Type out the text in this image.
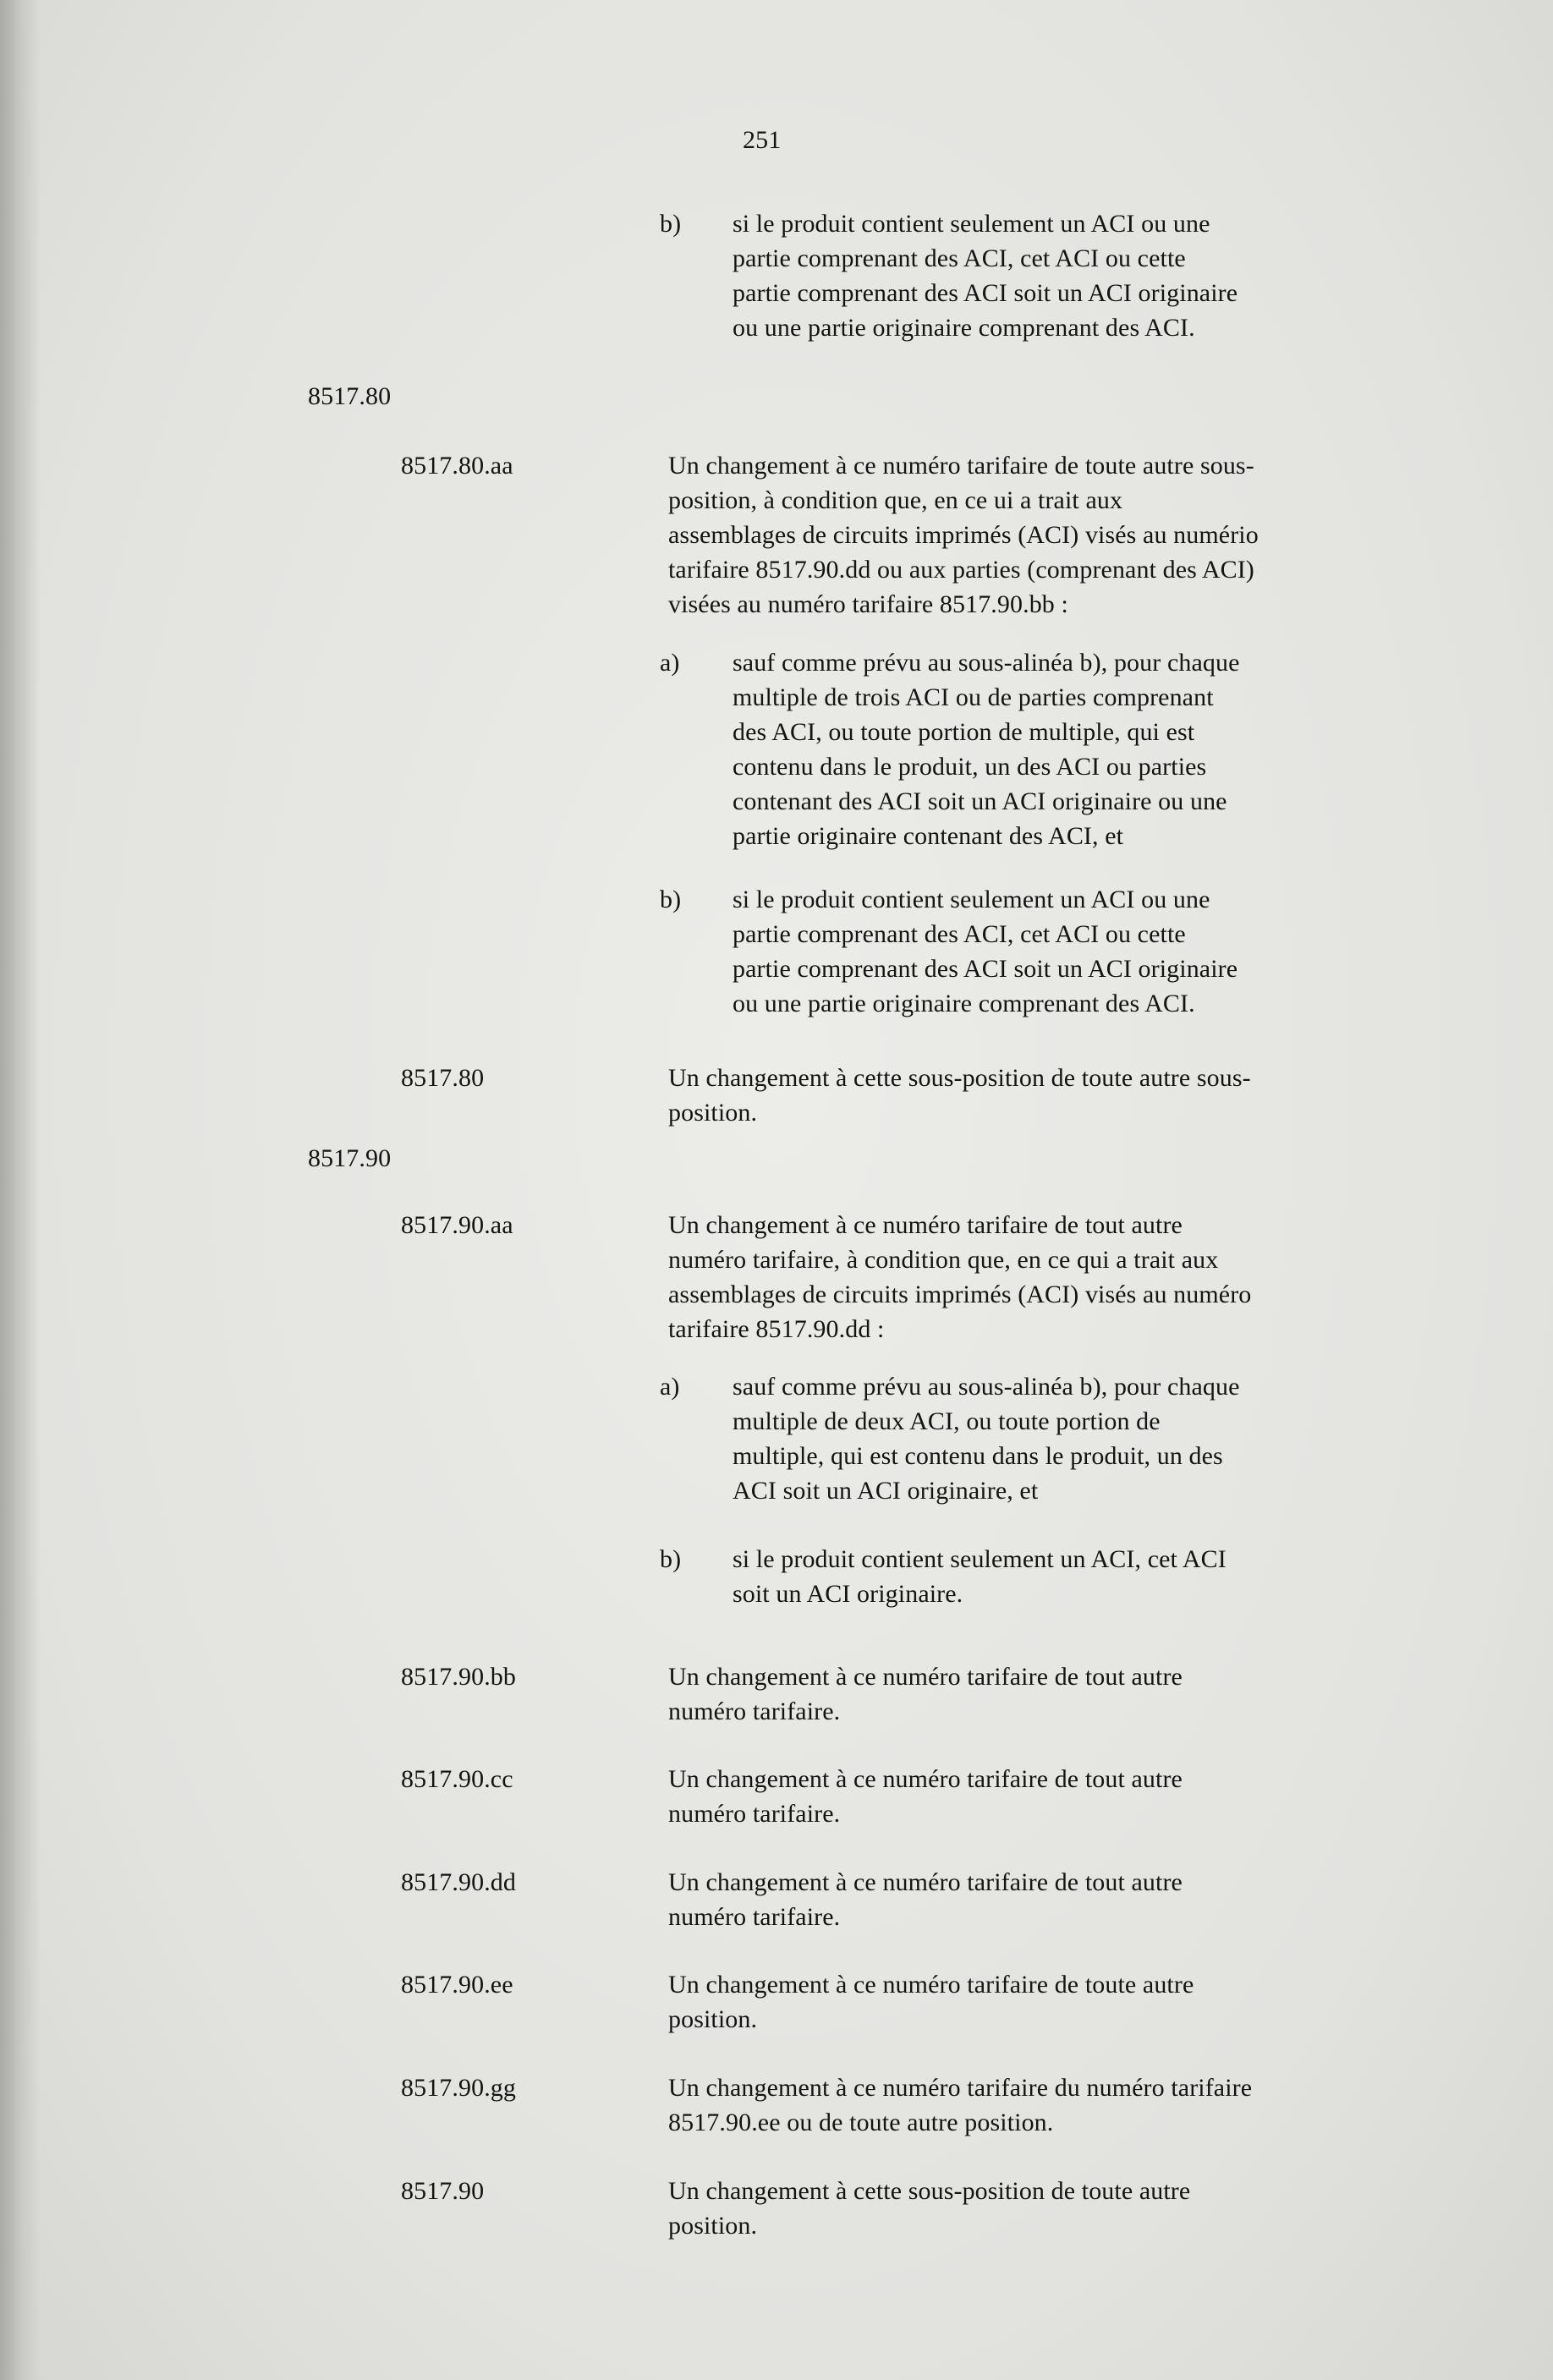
251
b) si le produit contient seulement un ACI ou une
partie comprenant des ACI, cet ACI ou cette
partie comprenant des ACI soit un ACI originaire
ou une partie originaire comprenant des ACI.
8517.80
8517.80.aa	Un changement à ce numéro tarifaire de toute autre sous-
position, à condition que, en ce ui a trait aux
assemblages de circuits imprimés (ACI) visés au numério
tarifaire 8517.90.dd ou aux parties (comprenant des ACI)
visées au numéro tarifaire 8517.90.bb :
a) sauf comme prévu au sous-alinéa b), pour chaque
multiple de trois ACI ou de parties comprenant
des ACI, ou toute portion de multiple, qui est
contenu dans le produit, un des ACI ou parties
contenant des ACI soit un ACI originaire ou une
partie originaire contenant des ACI, et
b) si le produit contient seulement un ACI ou une
partie comprenant des ACI, cet ACI ou cette
partie comprenant des ACI soit un ACI originaire
ou une partie originaire comprenant des ACI.
8517.80	Un changement à cette sous-position de toute autre sous-
position.
8517.90
8517.90.aa	Un changement à ce numéro tarifaire de tout autre
numéro tarifaire, à condition que, en ce qui a trait aux
assemblages de circuits imprimés (ACI) visés au numéro
tarifaire 8517.90.dd :
a) sauf comme prévu au sous-alinéa b), pour chaque
multiple de deux ACI, ou toute portion de
multiple, qui est contenu dans le produit, un des
ACI soit un ACI originaire, et
b) si le produit contient seulement un ACI, cet ACI
soit un ACI originaire.
8517.90.bb	Un changement à ce numéro tarifaire de tout autre
numéro tarifaire.
8517.90.cc	Un changement à ce numéro tarifaire de tout autre
numéro tarifaire.
8517.90.dd	Un changement à ce numéro tarifaire de tout autre
numéro tarifaire.
8517.90.ee	Un changement à ce numéro tarifaire de toute autre
position.
8517.90.gg	Un changement à ce numéro tarifaire du numéro tarifaire
8517.90.ee ou de toute autre position.
8517.90	Un changement à cette sous-position de toute autre
position.
